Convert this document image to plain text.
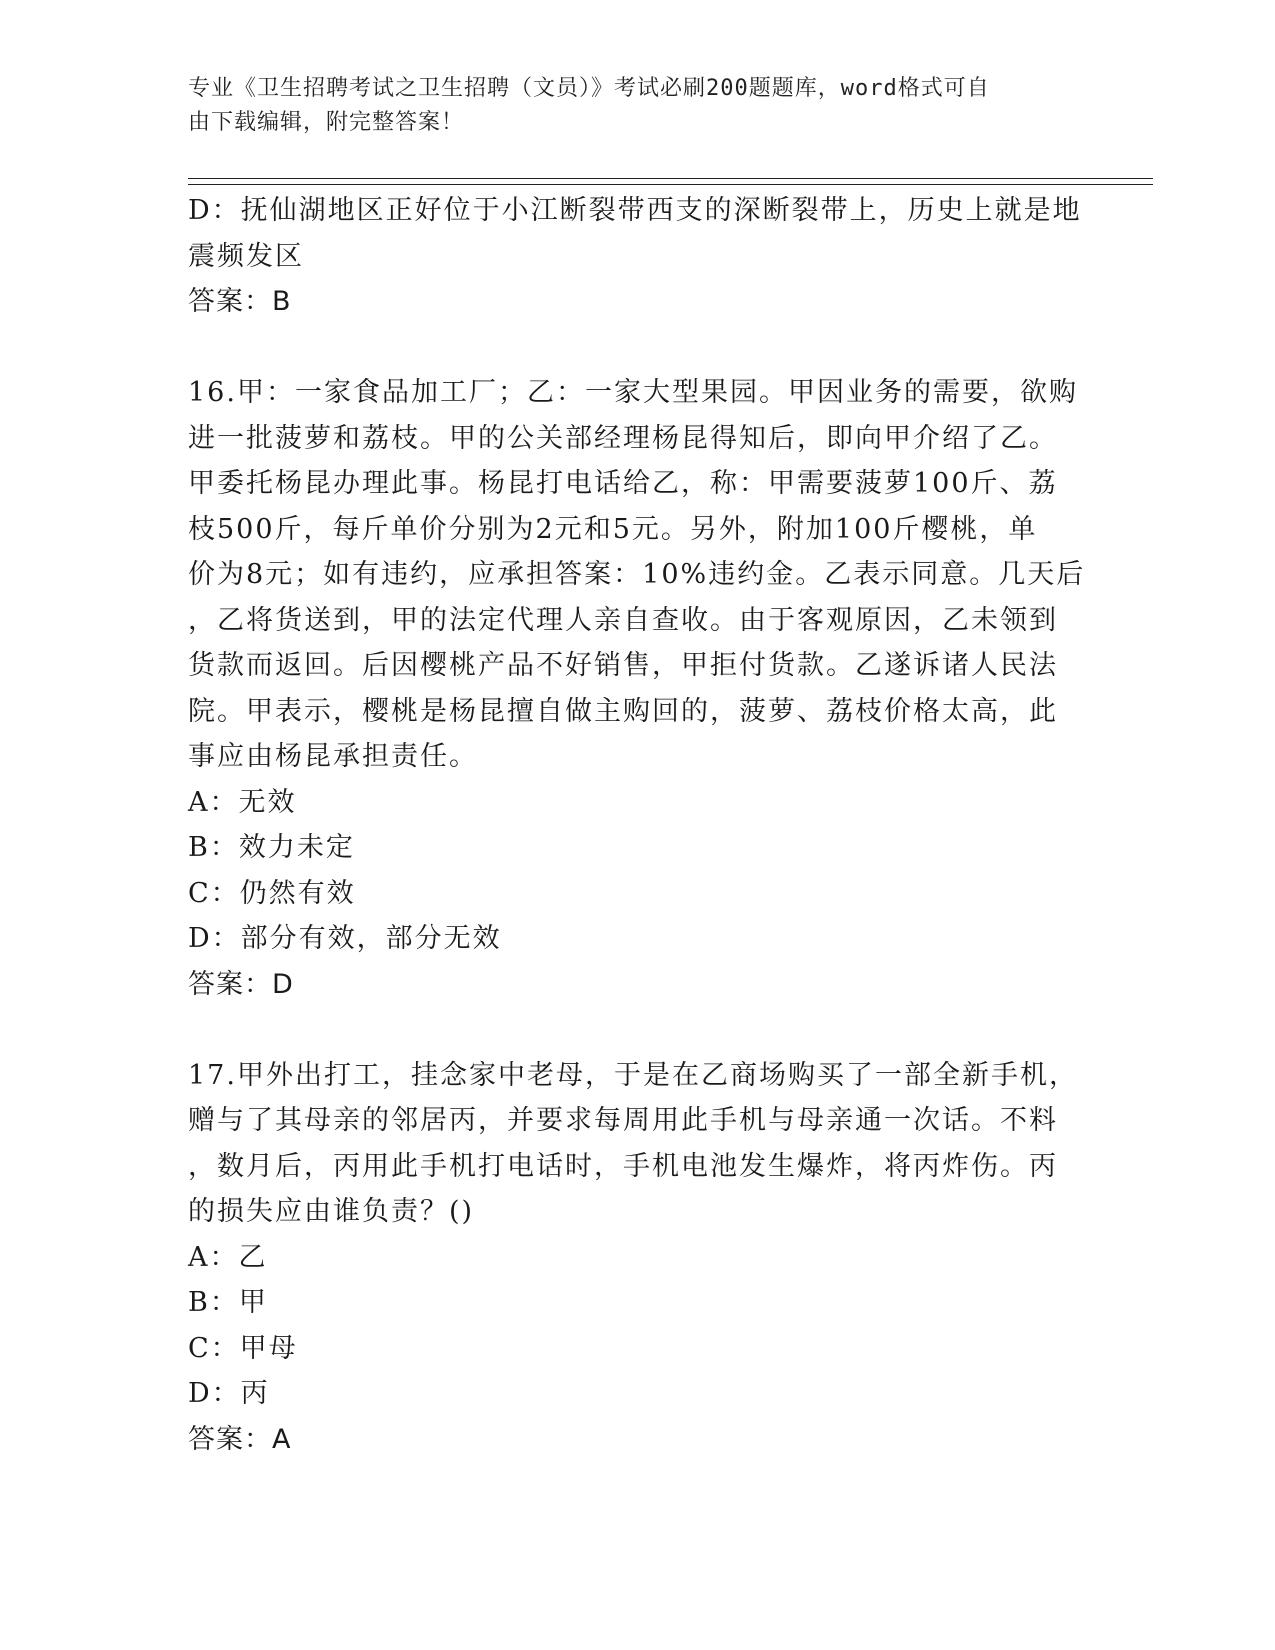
专业《卫生招聘考试之卫生招聘（文员）》考试必刷200题题库，word格式可自
由下载编辑，附完整答案！
D：抚仙湖地区正好位于小江断裂带西支的深断裂带上，历史上就是地
震频发区
答案：B
16.甲：一家食品加工厂；乙：一家大型果园。甲因业务的需要，欲购
进一批菠萝和荔枝。甲的公关部经理杨昆得知后，即向甲介绍了乙。
甲委托杨昆办理此事。杨昆打电话给乙，称：甲需要菠萝100斤、荔
枝500斤，每斤单价分别为2元和5元。另外，附加100斤樱桃，单
价为8元；如有违约，应承担答案：10%违约金。乙表示同意。几天后
，乙将货送到，甲的法定代理人亲自查收。由于客观原因，乙未领到
货款而返回。后因樱桃产品不好销售，甲拒付货款。乙遂诉诸人民法
院。甲表示，樱桃是杨昆擅自做主购回的，菠萝、荔枝价格太高，此
事应由杨昆承担责任。
A：无效
B：效力未定
C：仍然有效
D：部分有效，部分无效
答案：D
17.甲外出打工，挂念家中老母，于是在乙商场购买了一部全新手机，
赠与了其母亲的邻居丙，并要求每周用此手机与母亲通一次话。不料
，数月后，丙用此手机打电话时，手机电池发生爆炸，将丙炸伤。丙
的损失应由谁负责？()
A：乙
B：甲
C：甲母
D：丙
答案：A
